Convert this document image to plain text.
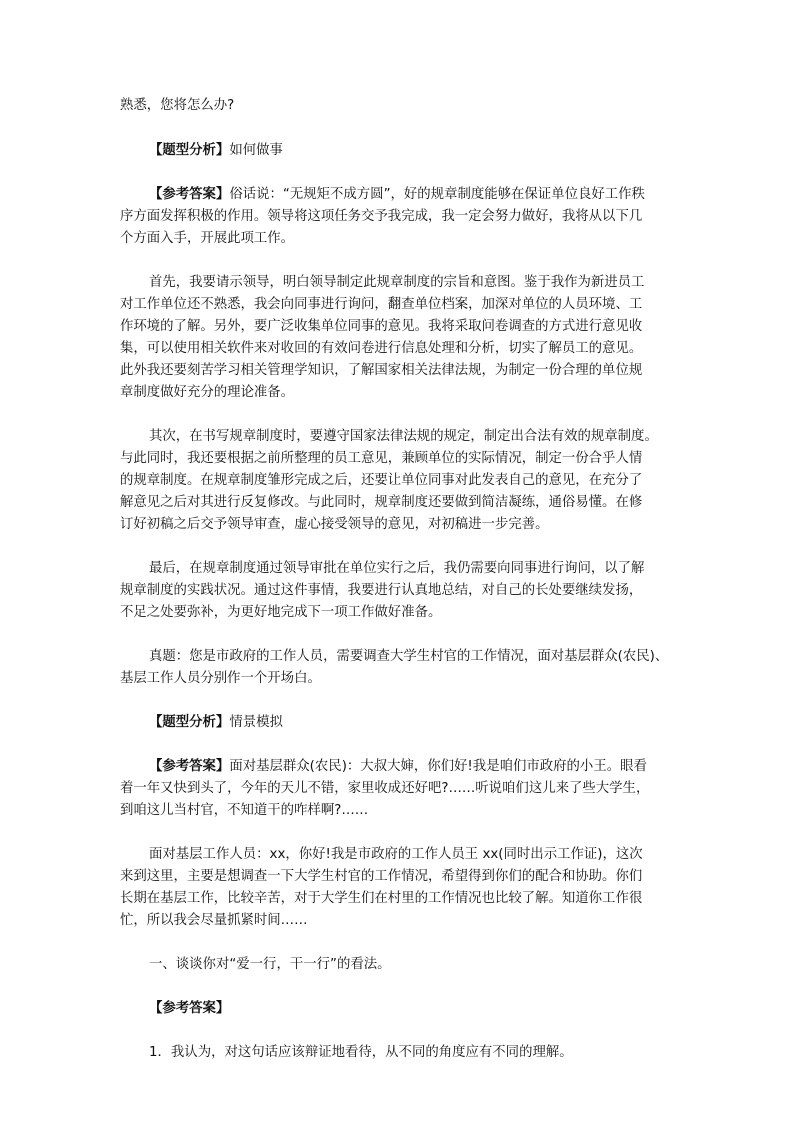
熟悉，您将怎么办?
【题型分析】如何做事
【参考答案】俗话说：“无规矩不成方圆”，好的规章制度能够在保证单位良好工作秩
序方面发挥积极的作用。领导将这项任务交予我完成，我一定会努力做好，我将从以下几
个方面入手，开展此项工作。
首先，我要请示领导，明白领导制定此规章制度的宗旨和意图。鉴于我作为新进员工
对工作单位还不熟悉，我会向同事进行询问，翻查单位档案，加深对单位的人员环境、工
作环境的了解。另外，要广泛收集单位同事的意见。我将采取问卷调查的方式进行意见收
集，可以使用相关软件来对收回的有效问卷进行信息处理和分析，切实了解员工的意见。
此外我还要刻苦学习相关管理学知识，了解国家相关法律法规，为制定一份合理的单位规
章制度做好充分的理论准备。
其次，在书写规章制度时，要遵守国家法律法规的规定，制定出合法有效的规章制度。
与此同时，我还要根据之前所整理的员工意见，兼顾单位的实际情况，制定一份合乎人情
的规章制度。在规章制度雏形完成之后，还要让单位同事对此发表自己的意见，在充分了
解意见之后对其进行反复修改。与此同时，规章制度还要做到简洁凝练，通俗易懂。在修
订好初稿之后交予领导审查，虚心接受领导的意见，对初稿进一步完善。
最后，在规章制度通过领导审批在单位实行之后，我仍需要向同事进行询问，以了解
规章制度的实践状况。通过这件事情，我要进行认真地总结，对自己的长处要继续发扬，
不足之处要弥补，为更好地完成下一项工作做好准备。
真题：您是市政府的工作人员，需要调查大学生村官的工作情况，面对基层群众(农民)、
基层工作人员分别作一个开场白。
【题型分析】情景模拟
【参考答案】面对基层群众(农民)：大叔大婶，你们好!我是咱们市政府的小王。眼看
着一年又快到头了，今年的天儿不错，家里收成还好吧?……听说咱们这儿来了些大学生，
到咱这儿当村官，不知道干的咋样啊?……
面对基层工作人员：xx，你好!我是市政府的工作人员王 xx(同时出示工作证)，这次
来到这里，主要是想调查一下大学生村官的工作情况，希望得到你们的配合和协助。你们
长期在基层工作，比较辛苦，对于大学生们在村里的工作情况也比较了解。知道你工作很
忙，所以我会尽量抓紧时间……
一、谈谈你对“爱一行，干一行”的看法。
【参考答案】
1．我认为，对这句话应该辩证地看待，从不同的角度应有不同的理解。
